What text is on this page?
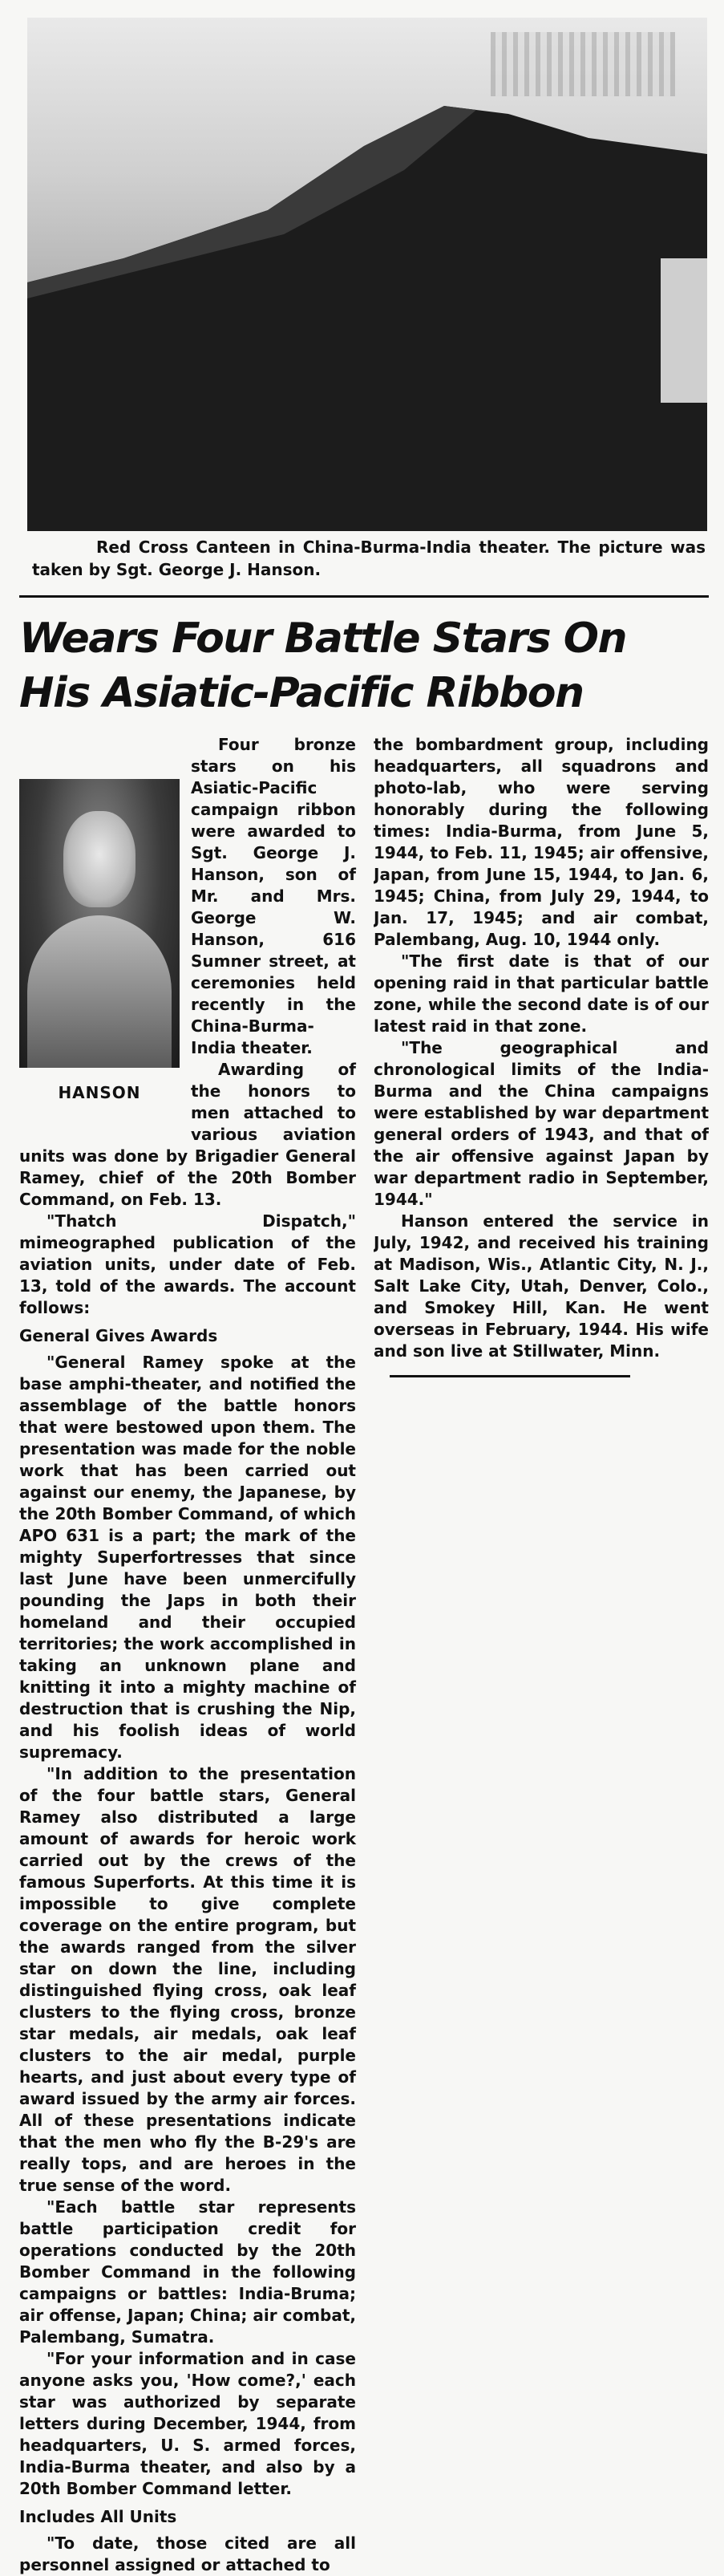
Red Cross Canteen in China-Burma-India theater. The picture was taken by Sgt. George J. Hanson.
Wears Four Battle Stars On
His Asiatic-Pacific Ribbon
HANSON

Four bronze stars on his Asiatic-Pacific campaign ribbon were awarded to Sgt. George J. Hanson, son of Mr. and Mrs. George W. Hanson, 616 Sumner street, at ceremonies held recently in the China-Burma-India theater.

Awarding of the honors to men attached to various aviation units was done by Brigadier General Ramey, chief of the 20th Bomber Command, on Feb. 13.

"Thatch Dispatch," mimeographed publication of the aviation units, under date of Feb. 13, told of the awards. The account follows:

General Gives Awards

"General Ramey spoke at the base amphi-theater, and notified the assemblage of the battle honors that were bestowed upon them. The presentation was made for the noble work that has been carried out against our enemy, the Japanese, by the 20th Bomber Command, of which APO 631 is a part; the mark of the mighty Superfortresses that since last June have been unmercifully pounding the Japs in both their homeland and their occupied territories; the work accomplished in taking an unknown plane and knitting it into a mighty machine of destruction that is crushing the Nip, and his foolish ideas of world supremacy.

"In addition to the presentation of the four battle stars, General Ramey also distributed a large amount of awards for heroic work carried out by the crews of the famous Superforts. At this time it is impossible to give complete coverage on the entire program, but the awards ranged from the silver star on down the line, including distinguished flying cross, oak leaf clusters to the flying cross, bronze star medals, air medals, oak leaf clusters to the air medal, purple hearts, and just about every type of award issued by the army air forces. All of these presentations indicate that the men who fly the B-29's are really tops, and are heroes in the true sense of the word.

"Each battle star represents battle participation credit for operations conducted by the 20th Bomber Command in the following campaigns or battles: India-Bruma; air offense, Japan; China; air combat, Palembang, Sumatra.

"For your information and in case anyone asks you, 'How come?,' each star was authorized by separate letters during December, 1944, from headquarters, U. S. armed forces, India-Burma theater, and also by a 20th Bomber Command letter.

Includes All Units

"To date, those cited are all personnel assigned or attached to

the bombardment group, including headquarters, all squadrons and photo-lab, who were serving honorably during the following times: India-Burma, from June 5, 1944, to Feb. 11, 1945; air offensive, Japan, from June 15, 1944, to Jan. 6, 1945; China, from July 29, 1944, to Jan. 17, 1945; and air combat, Palembang, Aug. 10, 1944 only.

"The first date is that of our opening raid in that particular battle zone, while the second date is of our latest raid in that zone.

"The geographical and chronological limits of the India-Burma and the China campaigns were established by war department general orders of 1943, and that of the air offensive against Japan by war department radio in September, 1944."

Hanson entered the service in July, 1942, and received his training at Madison, Wis., Atlantic City, N. J., Salt Lake City, Utah, Denver, Colo., and Smokey Hill, Kan. He went overseas in February, 1944. His wife and son live at Stillwater, Minn.
